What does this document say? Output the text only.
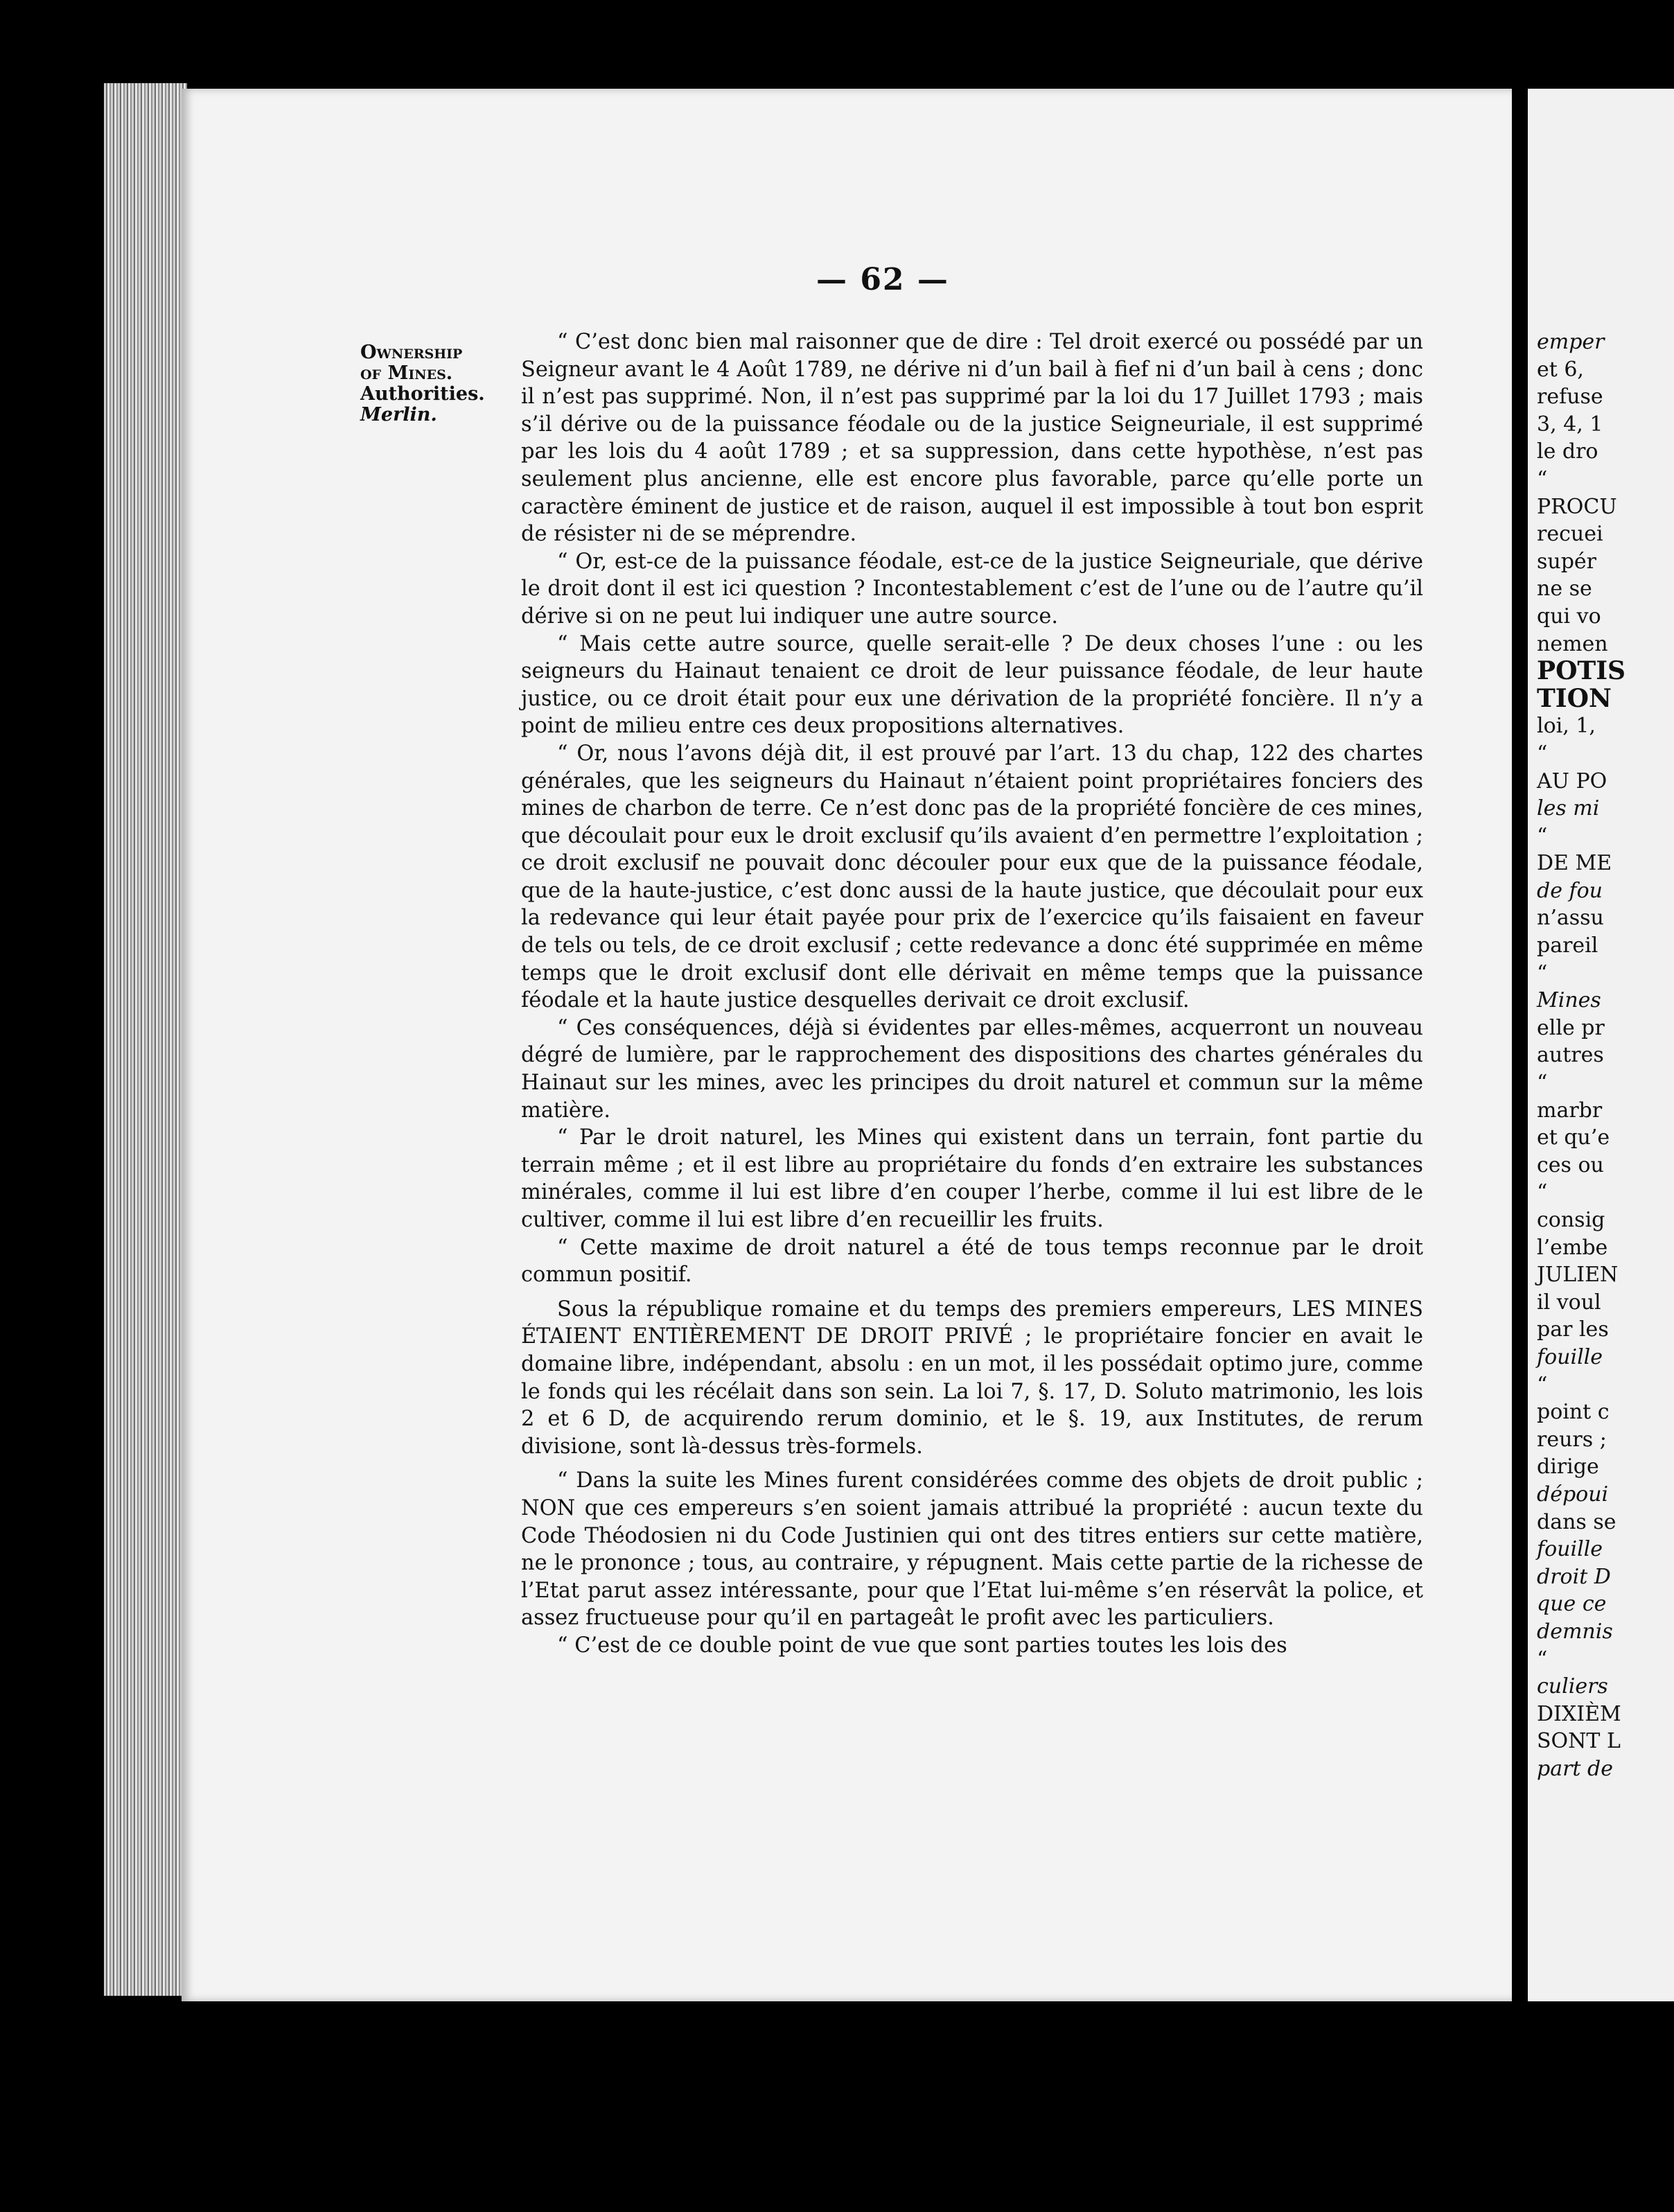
— 62 —
Ownership
of Mines.
Authorities.
Merlin.

“ C’est donc bien mal raisonner que de dire : Tel droit exercé ou possédé par un Seigneur avant le 4 Août 1789, ne dérive ni d’un bail à fief ni d’un bail à cens ; donc il n’est pas supprimé. Non, il n’est pas supprimé par la loi du 17 Juillet 1793 ; mais s’il dérive ou de la puissance féodale ou de la justice Seigneuriale, il est supprimé par les lois du 4 août 1789 ; et sa suppression, dans cette hypothèse, n’est pas seulement plus ancienne, elle est encore plus favorable, parce qu’elle porte un caractère éminent de justice et de raison, auquel il est impossible à tout bon esprit de résister ni de se méprendre.

“ Or, est-ce de la puissance féodale, est-ce de la justice Seigneuriale, que dérive le droit dont il est ici question ? Incontestablement c’est de l’une ou de l’autre qu’il dérive si on ne peut lui indiquer une autre source.

“ Mais cette autre source, quelle serait-elle ? De deux choses l’une : ou les seigneurs du Hainaut tenaient ce droit de leur puissance féodale, de leur haute justice, ou ce droit était pour eux une dérivation de la propriété foncière. Il n’y a point de milieu entre ces deux propositions alternatives.

“ Or, nous l’avons déjà dit, il est prouvé par l’art. 13 du chap, 122 des chartes générales, que les seigneurs du Hainaut n’étaient point propriétaires fonciers des mines de charbon de terre. Ce n’est donc pas de la propriété foncière de ces mines, que découlait pour eux le droit exclusif qu’ils avaient d’en permettre l’exploitation ; ce droit exclusif ne pouvait donc découler pour eux que de la puissance féodale, que de la haute-justice, c’est donc aussi de la haute justice, que découlait pour eux la redevance qui leur était payée pour prix de l’exercice qu’ils faisaient en faveur de tels ou tels, de ce droit exclusif ; cette redevance a donc été supprimée en même temps que le droit exclusif dont elle dérivait en même temps que la puissance féodale et la haute justice desquelles derivait ce droit exclusif.

“ Ces conséquences, déjà si évidentes par elles-mêmes, acquerront un nouveau dégré de lumière, par le rapprochement des dispositions des chartes générales du Hainaut sur les mines, avec les principes du droit naturel et commun sur la même matière.

“ Par le droit naturel, les Mines qui existent dans un terrain, font partie du terrain même ; et il est libre au propriétaire du fonds d’en extraire les substances minérales, comme il lui est libre d’en couper l’herbe, comme il lui est libre de le cultiver, comme il lui est libre d’en recueillir les fruits.

“ Cette maxime de droit naturel a été de tous temps reconnue par le droit commun positif.

Sous la république romaine et du temps des premiers empereurs, LES MINES ÉTAIENT ENTIÈREMENT DE DROIT PRIVÉ ; le propriétaire foncier en avait le domaine libre, indépendant, absolu : en un mot, il les possédait optimo jure, comme le fonds qui les récélait dans son sein. La loi 7, §. 17, D. Soluto matrimonio, les lois 2 et 6 D, de acquirendo rerum dominio, et le §. 19, aux Institutes, de rerum divisione, sont là-dessus très-formels.

“ Dans la suite les Mines furent considérées comme des objets de droit public ; NON que ces empereurs s’en soient jamais attribué la propriété : aucun texte du Code Théodosien ni du Code Justinien qui ont des titres entiers sur cette matière, ne le prononce ; tous, au contraire, y répugnent. Mais cette partie de la richesse de l’Etat parut assez intéressante, pour que l’Etat lui-même s’en réservât la police, et assez fructueuse pour qu’il en partageât le profit avec les particuliers.

“ C’est de ce double point de vue que sont parties toutes les lois des

emper
et 6,
refuse
3, 4, 1
le dro
“
PROCU
recuei
supér
ne se
qui vo
nemen
POTIS
TION
loi, 1,
“
AU PO
les mi
“
DE ME
de fou
n’assu
pareil
“
Mines
elle pr
autres
“
marbr
et qu’e
ces ou
“
consig
l’embe
JULIEN
il voul
par les
fouille
“
point c
reurs ;
dirige
dépoui
dans se
fouille
droit D
que ce
demnis
“
culiers
DIXIÈM
SONT L
part de
